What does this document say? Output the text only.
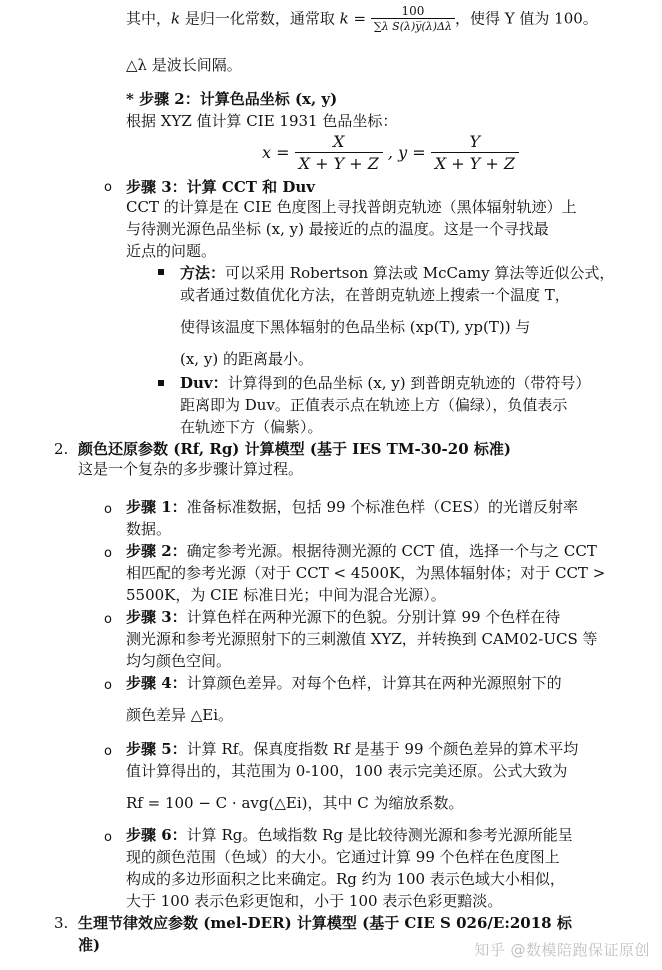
其中，k 是归一化常数，通常取 $k = \frac{100}{\text{∑λ S(λ)y̅(λ)Δλ}}$ ，使得 Y 值为 100。
△λ 是波长间隔。
* 步骤 2：计算色品坐标 (x, y)
根据 XYZ 值计算 CIE 1931 色品坐标：
$x = \frac{X}{X + Y + Z}$ , $y = \frac{Y}{X + Y + Z}$
o 步骤 3：计算 CCT 和 Duv
CCT 的计算是在 CIE 色度图上寻找普朗克轨迹（黑体辐射轨迹）上
与待测光源色品坐标 (x, y) 最接近的点的温度。这是一个寻找最
近点的问题。
方法：可以采用 Robertson 算法或 McCamy 算法等近似公式，
或者通过数值优化方法，在普朗克轨迹上搜索一个温度 T，
使得该温度下黑体辐射的色品坐标 (xp(T), yp(T)) 与
(x, y) 的距离最小。
Duv：计算得到的色品坐标 (x, y) 到普朗克轨迹的（带符号）
距离即为 Duv。正值表示点在轨迹上方（偏绿），负值表示
在轨迹下方（偏紫）。
2. 颜色还原参数 (Rf, Rg) 计算模型 (基于 IES TM-30-20 标准)
这是一个复杂的多步骤计算过程。
o 步骤 1：准备标准数据，包括 99 个标准色样（CES）的光谱反射率
数据。
o 步骤 2：确定参考光源。根据待测光源的 CCT 值，选择一个与之 CCT
相匹配的参考光源（对于 CCT < 4500K，为黑体辐射体；对于 CCT >
5500K，为 CIE 标准日光；中间为混合光源）。
o 步骤 3：计算色样在两种光源下的色貌。分别计算 99 个色样在待
测光源和参考光源照射下的三刺激值 XYZ，并转换到 CAM02-UCS 等
均匀颜色空间。
o 步骤 4：计算颜色差异。对每个色样，计算其在两种光源照射下的
颜色差异 △Ei。
o 步骤 5：计算 Rf。保真度指数 Rf 是基于 99 个颜色差异的算术平均
值计算得出的，其范围为 0-100，100 表示完美还原。公式大致为
Rf = 100 − C · avg(△Ei)，其中 C 为缩放系数。
o 步骤 6：计算 Rg。色域指数 Rg 是比较待测光源和参考光源所能呈
现的颜色范围（色域）的大小。它通过计算 99 个色样在色度图上
构成的多边形面积之比来确定。Rg 约为 100 表示色域大小相似，
大于 100 表示色彩更饱和，小于 100 表示色彩更黯淡。
3. 生理节律效应参数 (mel-DER) 计算模型 (基于 CIE S 026/E:2018 标
准)	知乎 @数模陪跑保证原创
